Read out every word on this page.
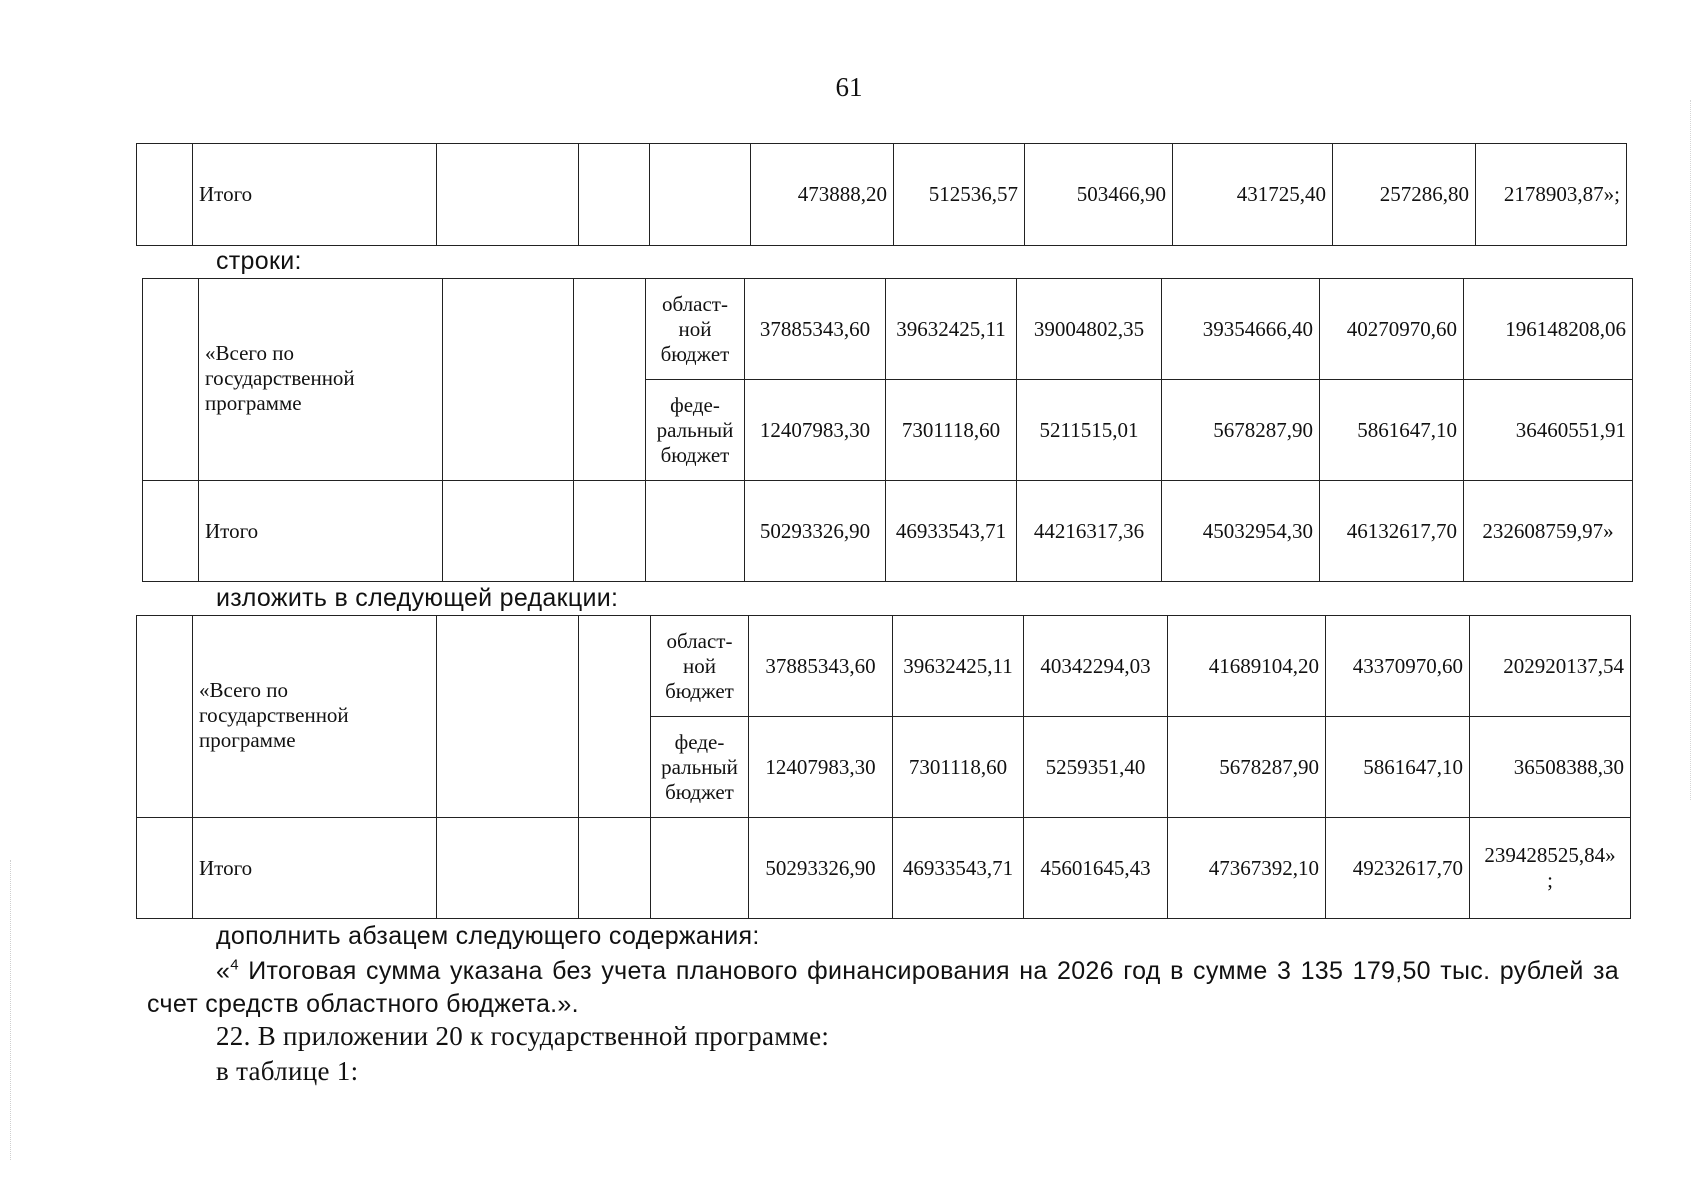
61
	Итого				473888,20	512536,57	503466,90	431725,40	257286,80	2178903,87»;
строки:
	«Всего по государственной программе			област-
ной
бюджет	37885343,60	39632425,11	39004802,35	39354666,40	40270970,60	196148208,06
				феде-
ральный
бюджет	12407983,30	7301118,60	5211515,01	5678287,90	5861647,10	36460551,91
	Итого				50293326,90	46933543,71	44216317,36	45032954,30	46132617,70	232608759,97»
изложить в следующей редакции:
	«Всего по государственной программе			област-
ной
бюджет	37885343,60	39632425,11	40342294,03	41689104,20	43370970,60	202920137,54
				феде-
ральный
бюджет	12407983,30	7301118,60	5259351,40	5678287,90	5861647,10	36508388,30
	Итого				50293326,90	46933543,71	45601645,43	47367392,10	49232617,70	239428525,84»
;
дополнить абзацем следующего содержания:
«$^4$ Итоговая сумма указана без учета планового финансирования на 2026 год в сумме 3 135 179,50 тыс. рублей за счет средств областного бюджета.».
22. В приложении 20 к государственной программе:
в таблице 1:
